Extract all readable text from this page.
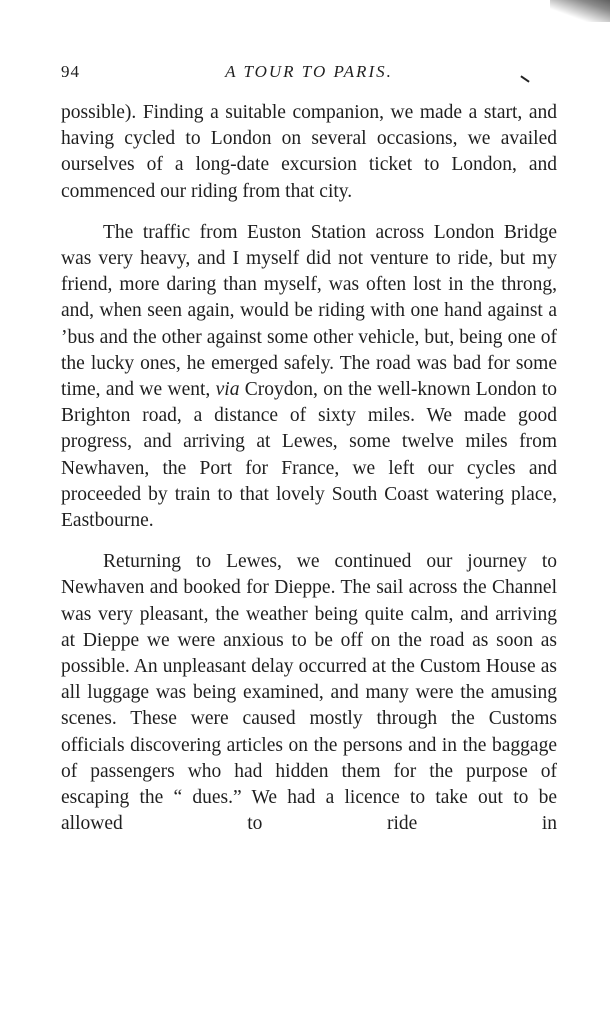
94	A TOUR TO PARIS.

possible). Finding a suitable companion, we made a start, and having cycled to London on several occasions, we availed ourselves of a long-date excursion ticket to London, and commenced our riding from that city.

The traffic from Euston Station across London Bridge was very heavy, and I myself did not venture to ride, but my friend, more daring than myself, was often lost in the throng, and, when seen again, would be riding with one hand against a ’bus and the other against some other vehicle, but, being one of the lucky ones, he emerged safely. The road was bad for some time, and we went, via Croydon, on the well-known London to Brighton road, a distance of sixty miles. We made good progress, and arriving at Lewes, some twelve miles from Newhaven, the Port for France, we left our cycles and proceeded by train to that lovely South Coast watering place, Eastbourne.

Returning to Lewes, we continued our journey to Newhaven and booked for Dieppe. The sail across the Channel was very pleasant, the weather being quite calm, and arriving at Dieppe we were anxious to be off on the road as soon as possible. An unpleasant delay occurred at the Custom House as all luggage was being examined, and many were the amusing scenes. These were caused mostly through the Customs officials discovering articles on the persons and in the baggage of passengers who had hidden them for the purpose of escaping the “ dues.” We had a licence to take out to be allowed to ride in
